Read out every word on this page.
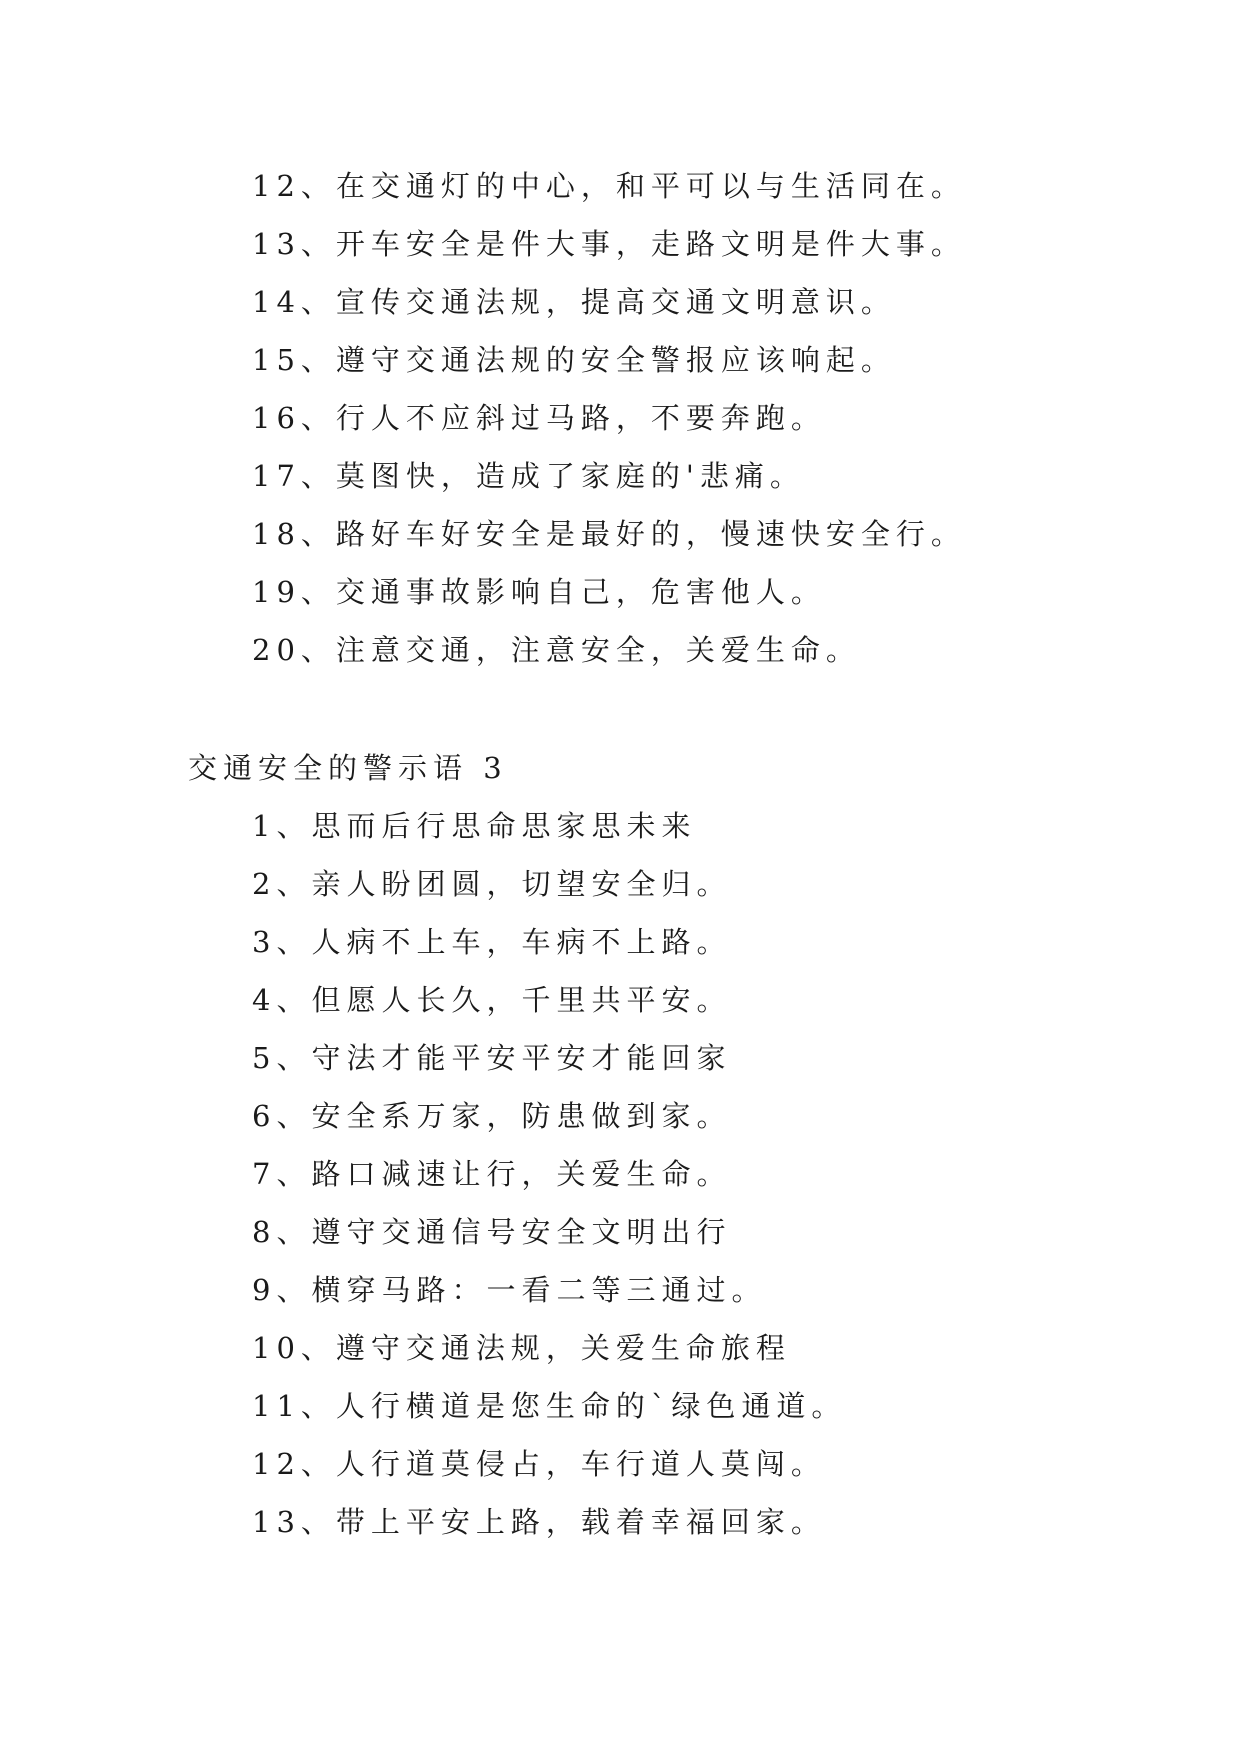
12、在交通灯的中心，和平可以与生活同在。
13、开车安全是件大事，走路文明是件大事。
14、宣传交通法规，提高交通文明意识。
15、遵守交通法规的安全警报应该响起。
16、行人不应斜过马路，不要奔跑。
17、莫图快，造成了家庭的'悲痛。
18、路好车好安全是最好的，慢速快安全行。
19、交通事故影响自己，危害他人。
20、注意交通，注意安全，关爱生命。
交通安全的警示语 3
1、思而后行思命思家思未来
2、亲人盼团圆，切望安全归。
3、人病不上车，车病不上路。
4、但愿人长久，千里共平安。
5、守法才能平安平安才能回家
6、安全系万家，防患做到家。
7、路口减速让行，关爱生命。
8、遵守交通信号安全文明出行
9、横穿马路：一看二等三通过。
10、遵守交通法规，关爱生命旅程
11、人行横道是您生命的`绿色通道。
12、人行道莫侵占，车行道人莫闯。
13、带上平安上路，载着幸福回家。
